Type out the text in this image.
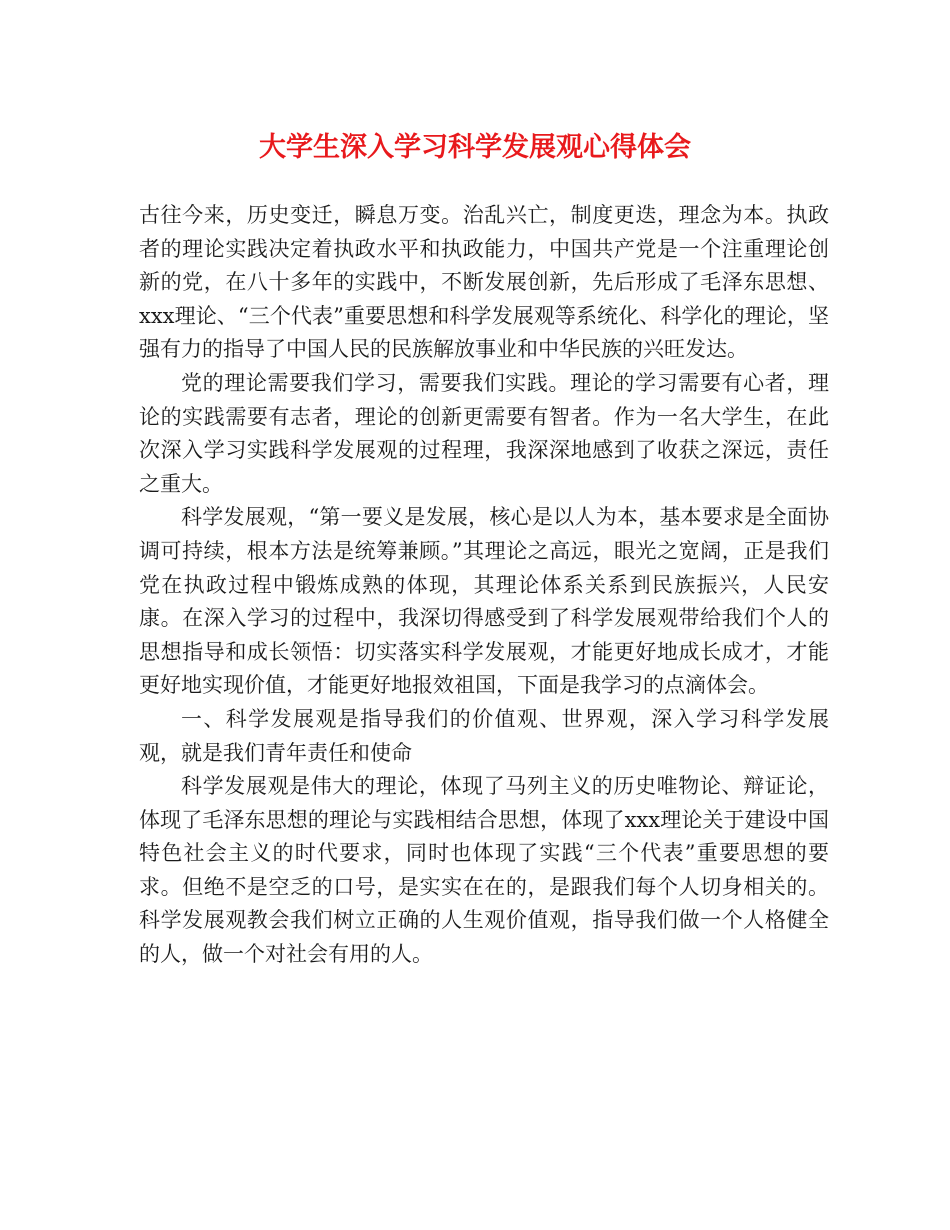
大学生深入学习科学发展观心得体会

古往今来，历史变迁，瞬息万变。治乱兴亡，制度更迭，理念为本。执政者的理论实践决定着执政水平和执政能力，中国共产党是一个注重理论创新的党，在八十多年的实践中，不断发展创新，先后形成了毛泽东思想、xxx理论、“三个代表”重要思想和科学发展观等系统化、科学化的理论，坚强有力的指导了中国人民的民族解放事业和中华民族的兴旺发达。

党的理论需要我们学习，需要我们实践。理论的学习需要有心者，理论的实践需要有志者，理论的创新更需要有智者。作为一名大学生，在此次深入学习实践科学发展观的过程理，我深深地感到了收获之深远，责任之重大。

科学发展观，“第一要义是发展，核心是以人为本，基本要求是全面协调可持续，根本方法是统筹兼顾。”其理论之高远，眼光之宽阔，正是我们党在执政过程中锻炼成熟的体现，其理论体系关系到民族振兴，人民安康。在深入学习的过程中，我深切得感受到了科学发展观带给我们个人的思想指导和成长领悟：切实落实科学发展观，才能更好地成长成才，才能更好地实现价值，才能更好地报效祖国，下面是我学习的点滴体会。

一、科学发展观是指导我们的价值观、世界观，深入学习科学发展观，就是我们青年责任和使命

科学发展观是伟大的理论，体现了马列主义的历史唯物论、辩证论，体现了毛泽东思想的理论与实践相结合思想，体现了xxx理论关于建设中国特色社会主义的时代要求，同时也体现了实践“三个代表”重要思想的要求。但绝不是空乏的口号，是实实在在的，是跟我们每个人切身相关的。科学发展观教会我们树立正确的人生观价值观，指导我们做一个人格健全的人，做一个对社会有用的人。
